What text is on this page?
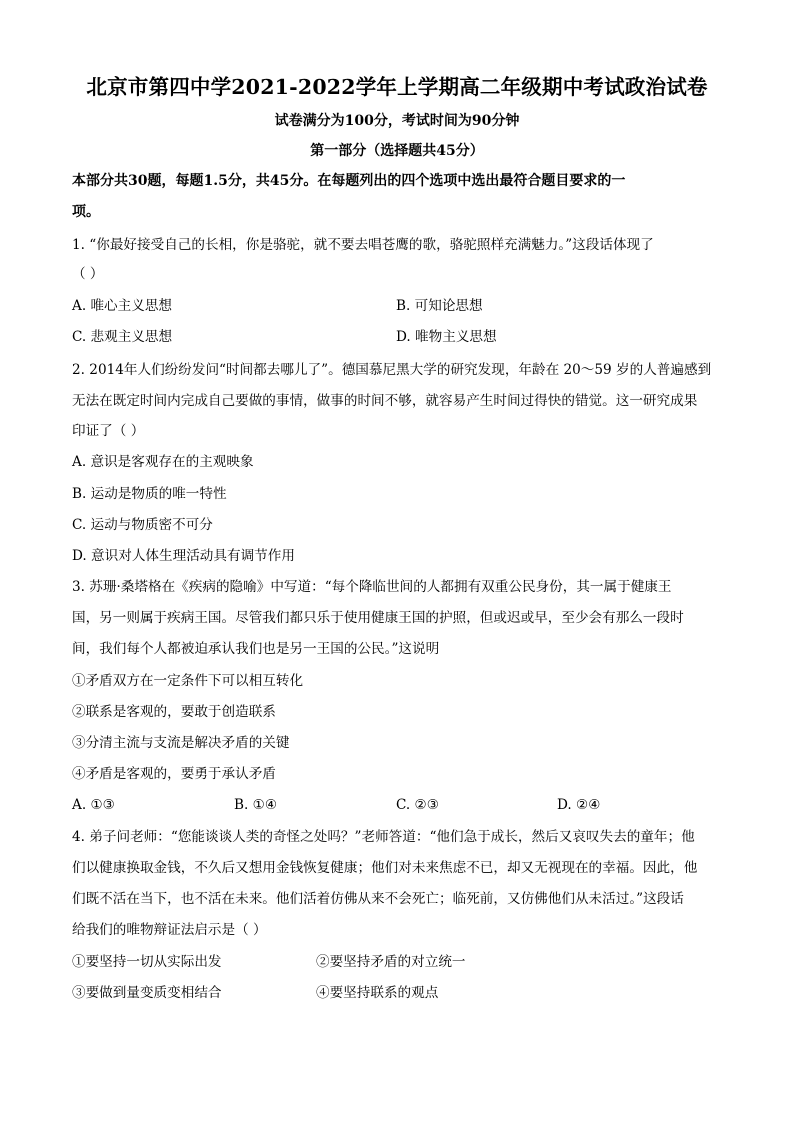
北京市第四中学2021-2022学年上学期高二年级期中考试政治试卷
试卷满分为100分，考试时间为90分钟
第一部分（选择题共45分）
本部分共30题，每题1.5分，共45分。在每题列出的四个选项中选出最符合题目要求的一
项。
1. “你最好接受自己的长相，你是骆驼，就不要去唱苍鹰的歌，骆驼照样充满魅力。”这段话体现了
（ ）
A. 唯心主义思想	B. 可知论思想
C. 悲观主义思想	D. 唯物主义思想
2. 2014年人们纷纷发问“时间都去哪儿了”。德国慕尼黑大学的研究发现，年龄在 20～59 岁的人普遍感到
无法在既定时间内完成自己要做的事情，做事的时间不够，就容易产生时间过得快的错觉。这一研究成果
印证了（ ）
A. 意识是客观存在的主观映象
B. 运动是物质的唯一特性
C. 运动与物质密不可分
D. 意识对人体生理活动具有调节作用
3. 苏珊·桑塔格在《疾病的隐喻》中写道：“每个降临世间的人都拥有双重公民身份，其一属于健康王
国，另一则属于疾病王国。尽管我们都只乐于使用健康王国的护照，但或迟或早，至少会有那么一段时
间，我们每个人都被迫承认我们也是另一王国的公民。”这说明
①矛盾双方在一定条件下可以相互转化
②联系是客观的，要敢于创造联系
③分清主流与支流是解决矛盾的关键
④矛盾是客观的，要勇于承认矛盾
A. ①③	B. ①④	C. ②③	D. ②④
4. 弟子问老师：“您能谈谈人类的奇怪之处吗？”老师答道：“他们急于成长，然后又哀叹失去的童年；他
们以健康换取金钱，不久后又想用金钱恢复健康；他们对未来焦虑不已，却又无视现在的幸福。因此，他
们既不活在当下，也不活在未来。他们活着仿佛从来不会死亡；临死前，又仿佛他们从未活过。”这段话
给我们的唯物辩证法启示是（ ）
①要坚持一切从实际出发	②要坚持矛盾的对立统一
③要做到量变质变相结合	④要坚持联系的观点
